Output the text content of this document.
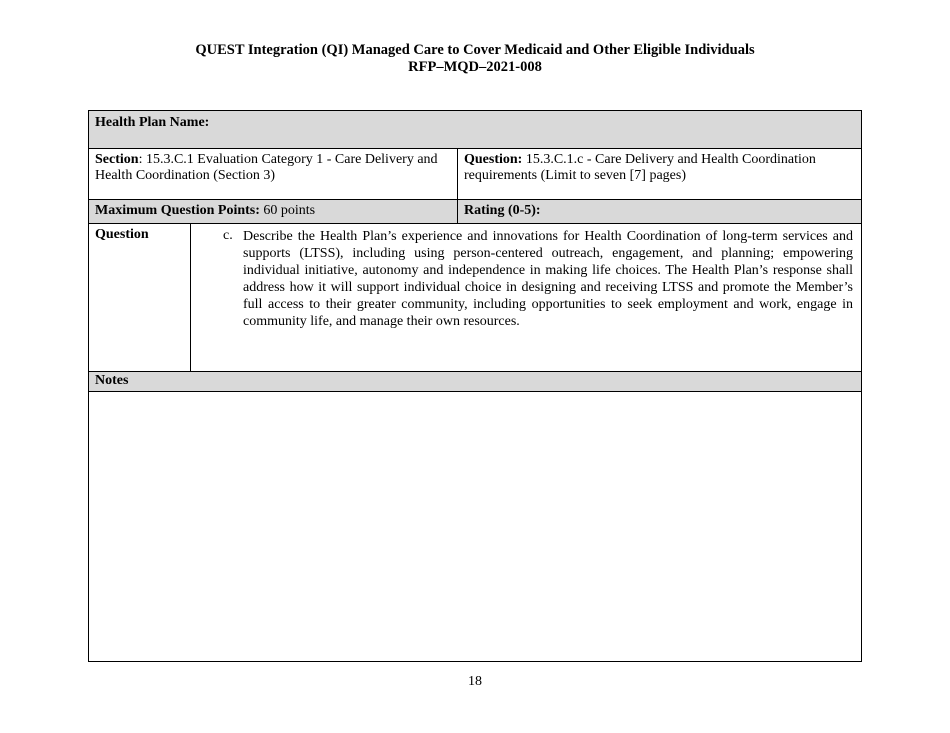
QUEST Integration (QI) Managed Care to Cover Medicaid and Other Eligible Individuals
RFP–MQD–2021-008
Health Plan Name:
Section: 15.3.C.1 Evaluation Category 1 - Care Delivery and Health Coordination (Section 3)
Question: 15.3.C.1.c - Care Delivery and Health Coordination requirements (Limit to seven [7] pages)
Maximum Question Points: 60 points	Rating (0-5):
Question	c. Describe the Health Plan’s experience and innovations for Health Coordination of long-term services and supports (LTSS), including using person-centered outreach, engagement, and planning; empowering individual initiative, autonomy and independence in making life choices. The Health Plan’s response shall address how it will support individual choice in designing and receiving LTSS and promote the Member’s full access to their greater community, including opportunities to seek employment and work, engage in community life, and manage their own resources.
Notes
18
